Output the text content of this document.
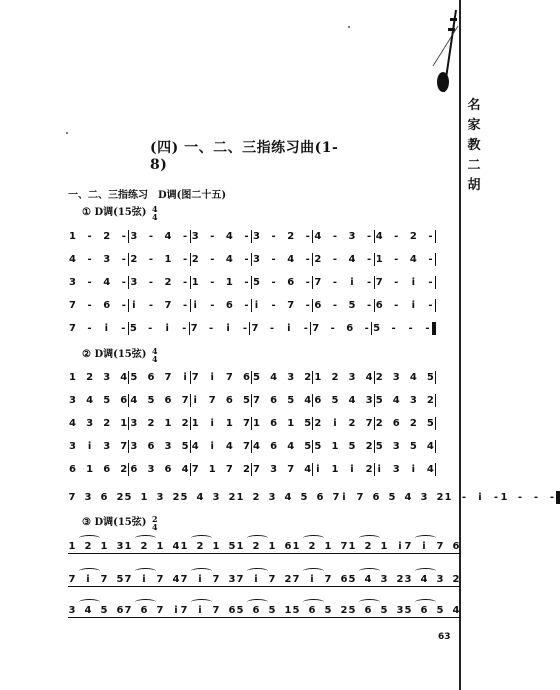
名
家
教
二
胡
(四) 一、二、三指练习曲(1-8)
一、二、三指练习　D调(图二十五)
① D调(15弦) 4
4
1 - 2 - 3 - 4 - 3 - 4 - 3 - 2 - 4 - 3 - 4 - 2 -
4 - 3 - 2 - 1 - 2 - 4 - 3 - 4 - 2 - 4 - 1 - 4 -
3 - 4 - 3 - 2 - 1 - 1 - 5 - 6 - 7 - i - 7 - i -
7 - 6 - i - 7 - i - 6 - i - 7 - 6 - 5 - 6 - i -
7 - i - 5 - i - 7 - i - 7 - i - 7 - 6 - 5 - - -
② D调(15弦) 4
4
1 2 3 4 5 6 7 i 7 i 7 6 5 4 3 2 1 2 3 4 2 3 4 5
3 4 5 6 4 5 6 7 i 7 6 5 7 6 5 4 6 5 4 3 5 4 3 2
4 3 2 1 3 2 1 2 1 i 1 7 1 6 1 5 2 i 2 7 2 6 2 5
3 i 3 7 3 6 3 5 4 i 4 7 4 6 4 5 5 1 5 2 5 3 5 4
6 1 6 2 6 3 6 4 7 1 7 2 7 3 7 4 i 1 i 2 i 3 i 4
7 3 6 2 5 1 3 2 5 4 3 2 1 2 3 4 5 6 7 i 7 6 5 4 3 2 1 - i - 1 - - -
③ D调(15弦) 2
4
1 2 1 3 1 2 1 4 1 2 1 5 1 2 1 6 1 2 1 7 1 2 1 i 7 i 7 6
7 i 7 5 7 i 7 4 7 i 7 3 7 i 7 2 7 i 7 6 5 4 3 2 3 4 3 2
3 4 5 6 7 6 7 i 7 i 7 6 5 6 5 1 5 6 5 2 5 6 5 3 5 6 5 4
63
